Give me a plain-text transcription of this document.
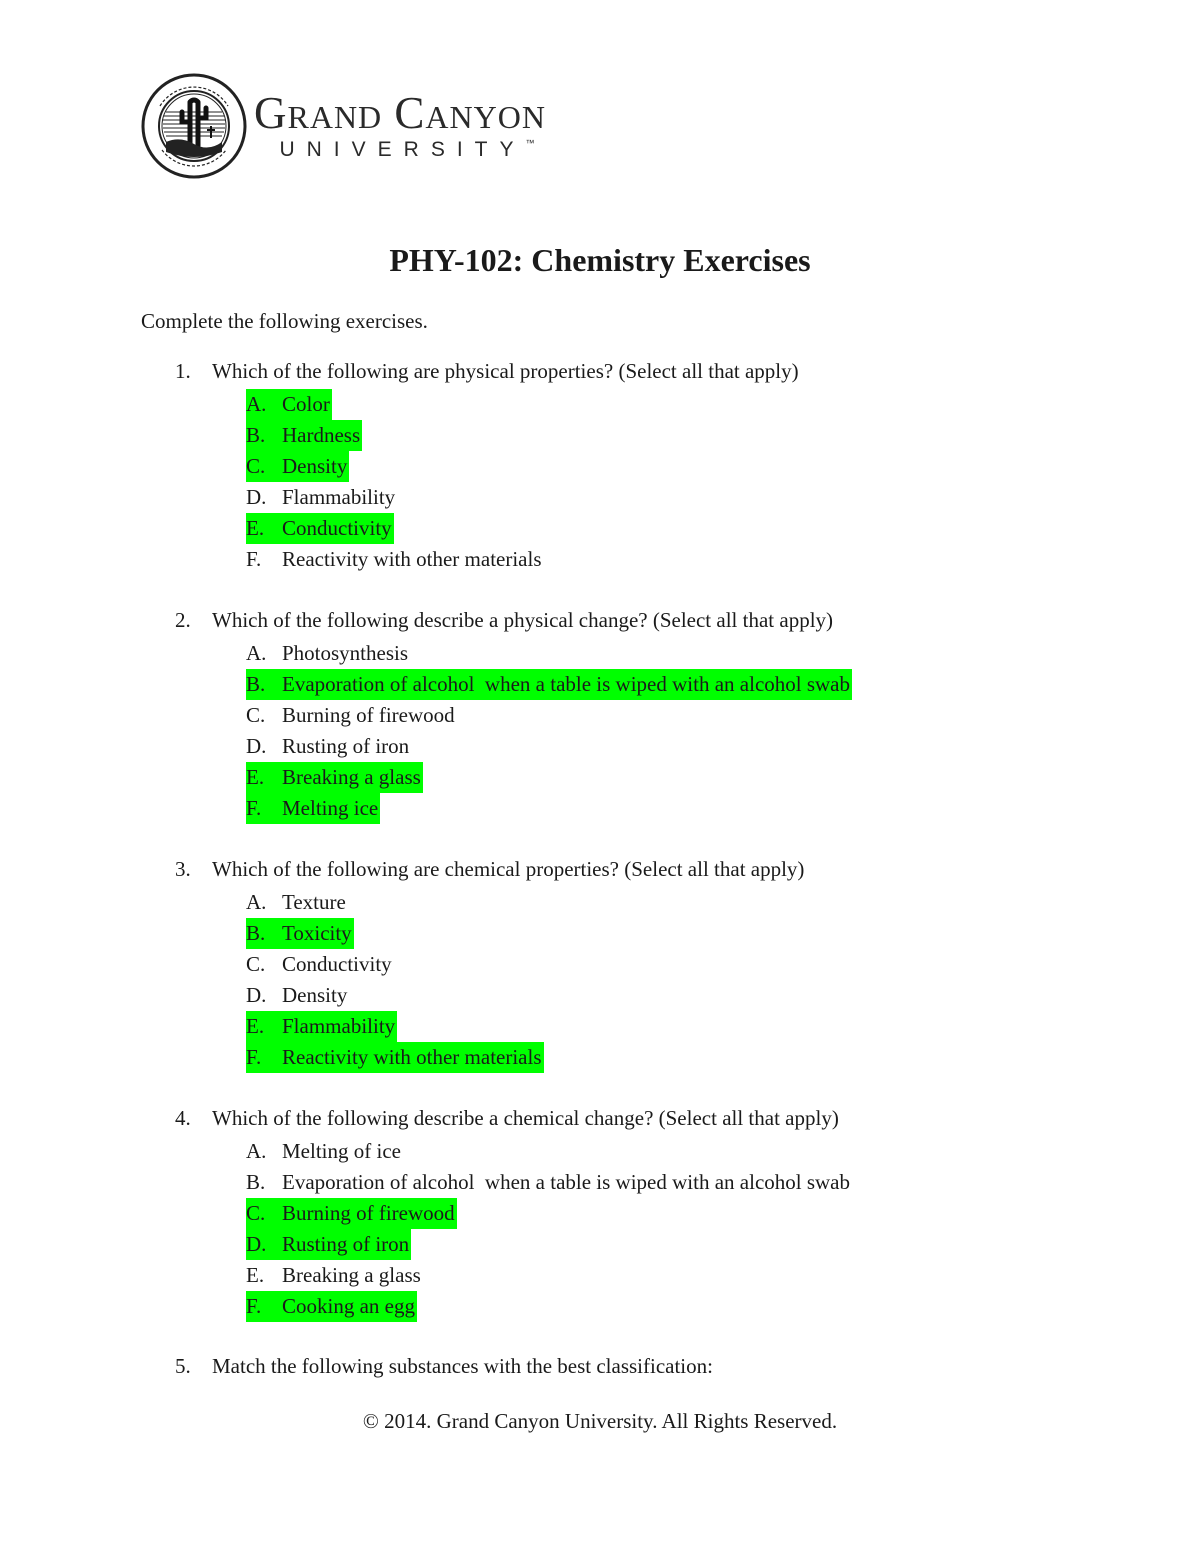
Grand Canyon
UNIVERSITY™
PHY-102: Chemistry Exercises
Complete the following exercises.
1. Which of the following are physical properties? (Select all that apply)
A. Color
B. Hardness
C. Density
D. Flammability
E. Conductivity
F. Reactivity with other materials
2. Which of the following describe a physical change? (Select all that apply)
A. Photosynthesis
B. Evaporation of alcohol  when a table is wiped with an alcohol swab
C. Burning of firewood
D. Rusting of iron
E. Breaking a glass
F. Melting ice
3. Which of the following are chemical properties? (Select all that apply)
A. Texture
B. Toxicity
C. Conductivity
D. Density
E. Flammability
F. Reactivity with other materials
4. Which of the following describe a chemical change? (Select all that apply)
A. Melting of ice
B. Evaporation of alcohol  when a table is wiped with an alcohol swab
C. Burning of firewood
D. Rusting of iron
E. Breaking a glass
F. Cooking an egg
5. Match the following substances with the best classification:
© 2014. Grand Canyon University. All Rights Reserved.
